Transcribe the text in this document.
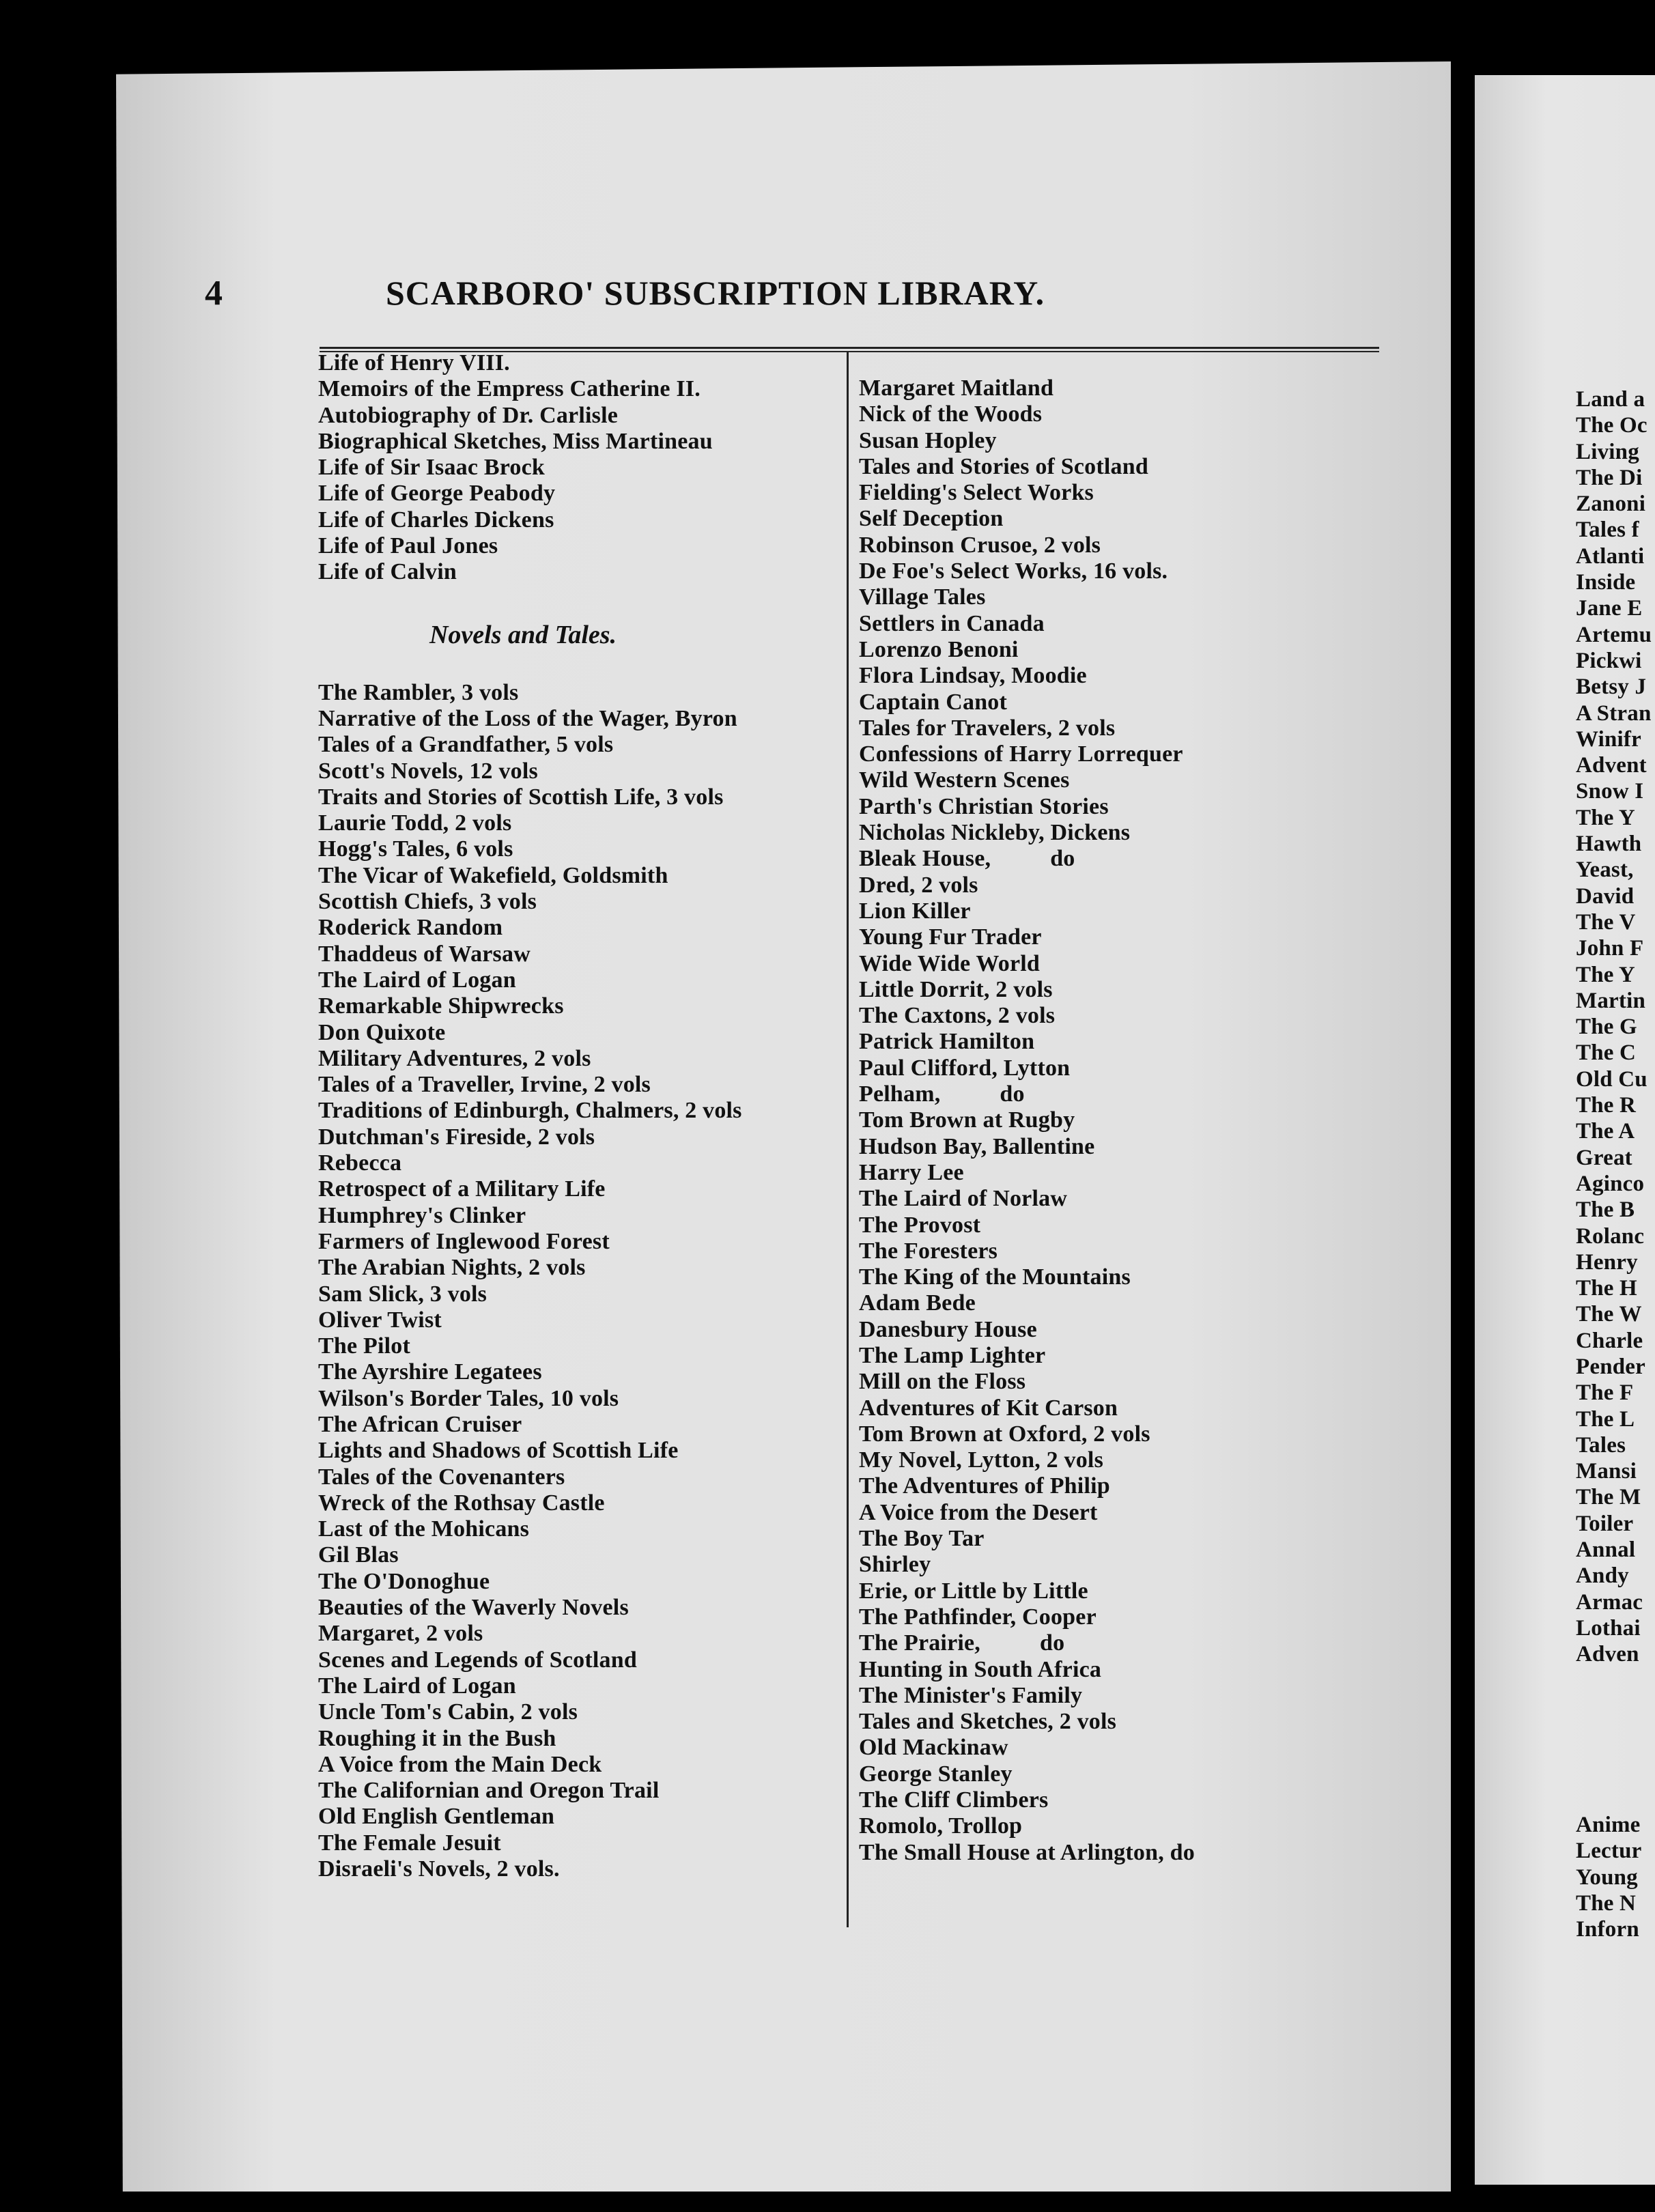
Land a
The Oc
Living
The Di
Zanoni
Tales f
Atlanti
Inside
Jane E
Artemu
Pickwi
Betsy J
A Stran
Winifr
Advent
Snow I
The Y
Hawth
Yeast,
David
The V
John F
The Y
Martin
The G
The C
Old Cu
The R
The A
Great
Aginco
The B
Rolanc
Henry
The H
The W
Charle
Pender
The F
The L
Tales
Mansi
The M
Toiler
Annal
Andy
Armac
Lothai
Adven
Anime
Lectur
Young
The N
Inforn
4	SCARBORO' SUBSCRIPTION LIBRARY.
Life of Henry VIII.
Memoirs of the Empress Catherine II.
Autobiography of Dr. Carlisle
Biographical Sketches, Miss Martineau
Life of Sir Isaac Brock
Life of George Peabody
Life of Charles Dickens
Life of Paul Jones
Life of Calvin
Novels and Tales.
The Rambler, 3 vols
Narrative of the Loss of the Wager, Byron
Tales of a Grandfather, 5 vols
Scott's Novels, 12 vols
Traits and Stories of Scottish Life, 3 vols
Laurie Todd, 2 vols
Hogg's Tales, 6 vols
The Vicar of Wakefield, Goldsmith
Scottish Chiefs, 3 vols
Roderick Random
Thaddeus of Warsaw
The Laird of Logan
Remarkable Shipwrecks
Don Quixote
Military Adventures, 2 vols
Tales of a Traveller, Irvine, 2 vols
Traditions of Edinburgh, Chalmers, 2 vols
Dutchman's Fireside, 2 vols
Rebecca
Retrospect of a Military Life
Humphrey's Clinker
Farmers of Inglewood Forest
The Arabian Nights, 2 vols
Sam Slick, 3 vols
Oliver Twist
The Pilot
The Ayrshire Legatees
Wilson's Border Tales, 10 vols
The African Cruiser
Lights and Shadows of Scottish Life
Tales of the Covenanters
Wreck of the Rothsay Castle
Last of the Mohicans
Gil Blas
The O'Donoghue
Beauties of the Waverly Novels
Margaret, 2 vols
Scenes and Legends of Scotland
The Laird of Logan
Uncle Tom's Cabin, 2 vols
Roughing it in the Bush
A Voice from the Main Deck
The Californian and Oregon Trail
Old English Gentleman
The Female Jesuit
Disraeli's Novels, 2 vols.
Margaret Maitland
Nick of the Woods
Susan Hopley
Tales and Stories of Scotland
Fielding's Select Works
Self Deception
Robinson Crusoe, 2 vols
De Foe's Select Works, 16 vols.
Village Tales
Settlers in Canada
Lorenzo Benoni
Flora Lindsay, Moodie
Captain Canot
Tales for Travelers, 2 vols
Confessions of Harry Lorrequer
Wild Western Scenes
Parth's Christian Stories
Nicholas Nickleby, Dickens
Bleak House,          do
Dred, 2 vols
Lion Killer
Young Fur Trader
Wide Wide World
Little Dorrit, 2 vols
The Caxtons, 2 vols
Patrick Hamilton
Paul Clifford, Lytton
Pelham,          do
Tom Brown at Rugby
Hudson Bay, Ballentine
Harry Lee
The Laird of Norlaw
The Provost
The Foresters
The King of the Mountains
Adam Bede
Danesbury House
The Lamp Lighter
Mill on the Floss
Adventures of Kit Carson
Tom Brown at Oxford, 2 vols
My Novel, Lytton, 2 vols
The Adventures of Philip
A Voice from the Desert
The Boy Tar
Shirley
Erie, or Little by Little
The Pathfinder, Cooper
The Prairie,          do
Hunting in South Africa
The Minister's Family
Tales and Sketches, 2 vols
Old Mackinaw
George Stanley
The Cliff Climbers
Romolo, Trollop
The Small House at Arlington, do
